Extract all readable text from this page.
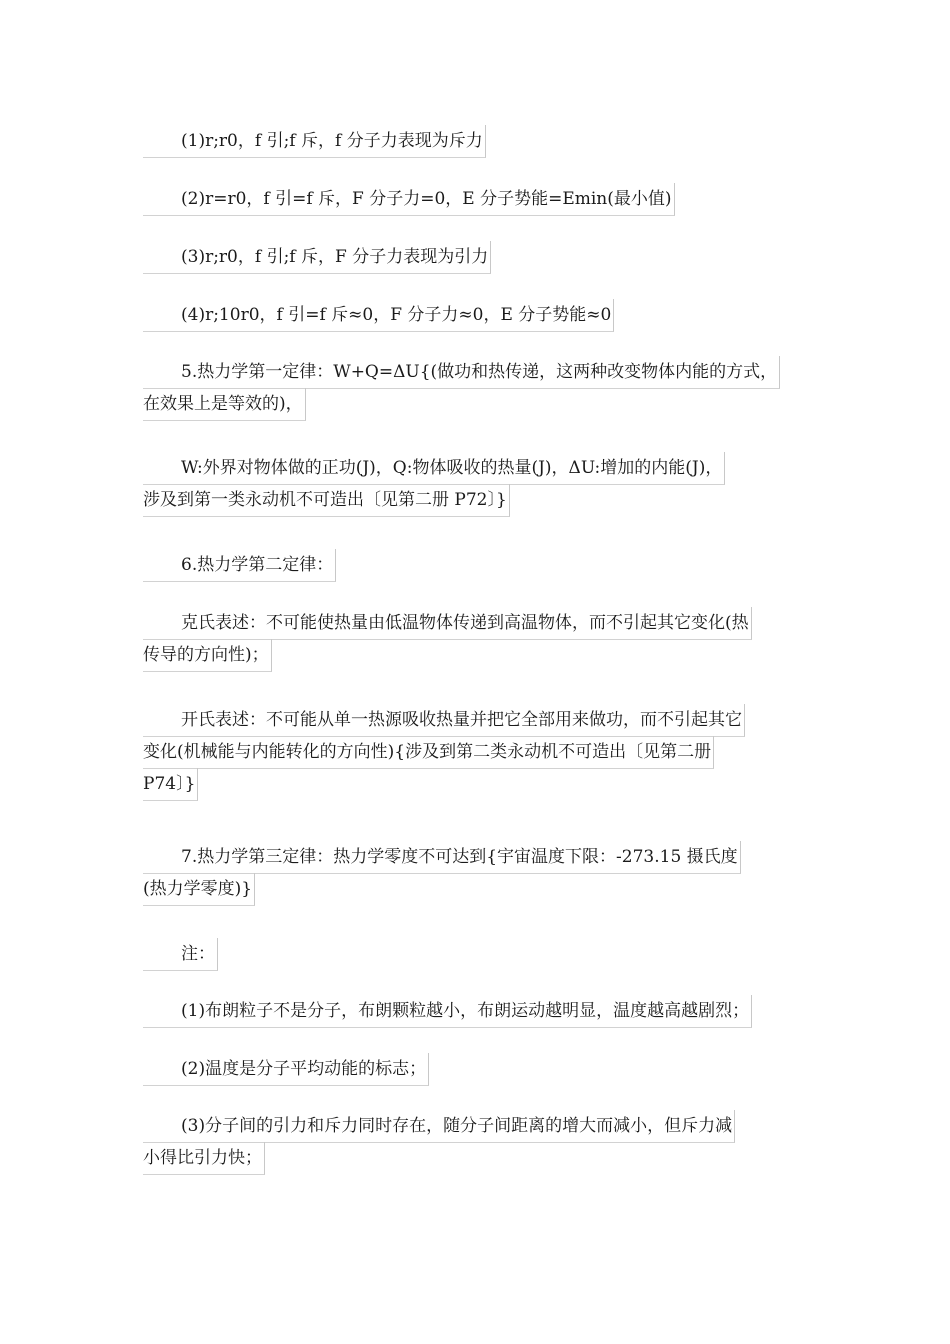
(1)r;r0，f 引;f 斥，f 分子力表现为斥力
(2)r=r0，f 引=f 斥，F 分子力=0，E 分子势能=Emin(最小值)
(3)r;r0，f 引;f 斥，F 分子力表现为引力
(4)r;10r0，f 引=f 斥≈0，F 分子力≈0，E 分子势能≈0
5.热力学第一定律：W+Q=ΔU{(做功和热传递，这两种改变物体内能的方式，
在效果上是等效的)，
W:外界对物体做的正功(J)，Q:物体吸收的热量(J)，ΔU:增加的内能(J)，
涉及到第一类永动机不可造出〔见第二册 P72〕}
6.热力学第二定律：
克氏表述：不可能使热量由低温物体传递到高温物体，而不引起其它变化(热
传导的方向性)；
开氏表述：不可能从单一热源吸收热量并把它全部用来做功，而不引起其它
变化(机械能与内能转化的方向性){涉及到第二类永动机不可造出〔见第二册
P74〕}
7.热力学第三定律：热力学零度不可达到{宇宙温度下限：-273.15 摄氏度
(热力学零度)}
注：
(1)布朗粒子不是分子，布朗颗粒越小，布朗运动越明显，温度越高越剧烈；
(2)温度是分子平均动能的标志；
(3)分子间的引力和斥力同时存在，随分子间距离的增大而减小，但斥力减
小得比引力快；
